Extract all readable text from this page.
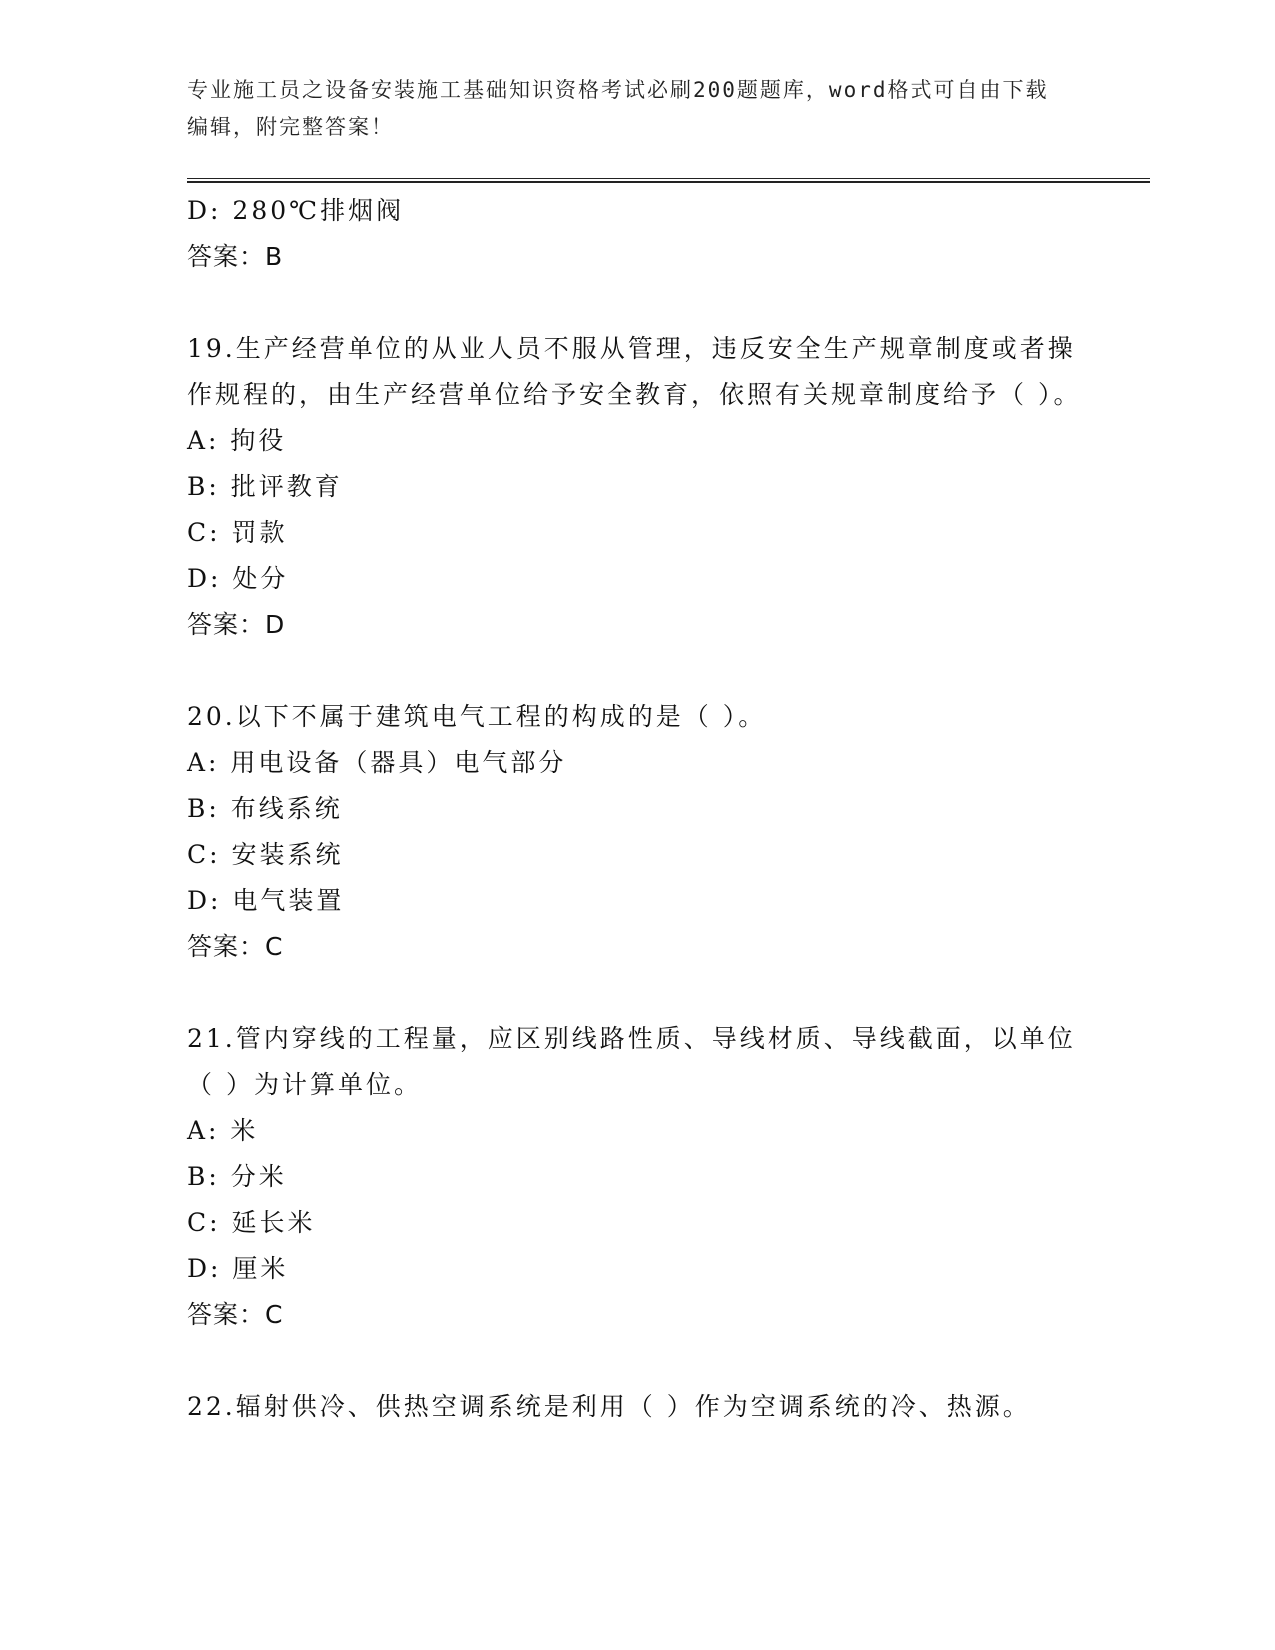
专业施工员之设备安装施工基础知识资格考试必刷200题题库，word格式可自由下载编辑，附完整答案！
D: 280℃排烟阀
答案：B
19.生产经营单位的从业人员不服从管理，违反安全生产规章制度或者操作规程的，由生产经营单位给予安全教育，依照有关规章制度给予（ ）。
A: 拘役
B: 批评教育
C: 罚款
D: 处分
答案：D
20.以下不属于建筑电气工程的构成的是（ ）。
A: 用电设备（器具）电气部分
B: 布线系统
C: 安装系统
D: 电气装置
答案：C
21.管内穿线的工程量，应区别线路性质、导线材质、导线截面，以单位（ ）为计算单位。
A: 米
B: 分米
C: 延长米
D: 厘米
答案：C
22.辐射供冷、供热空调系统是利用（ ）作为空调系统的冷、热源。
